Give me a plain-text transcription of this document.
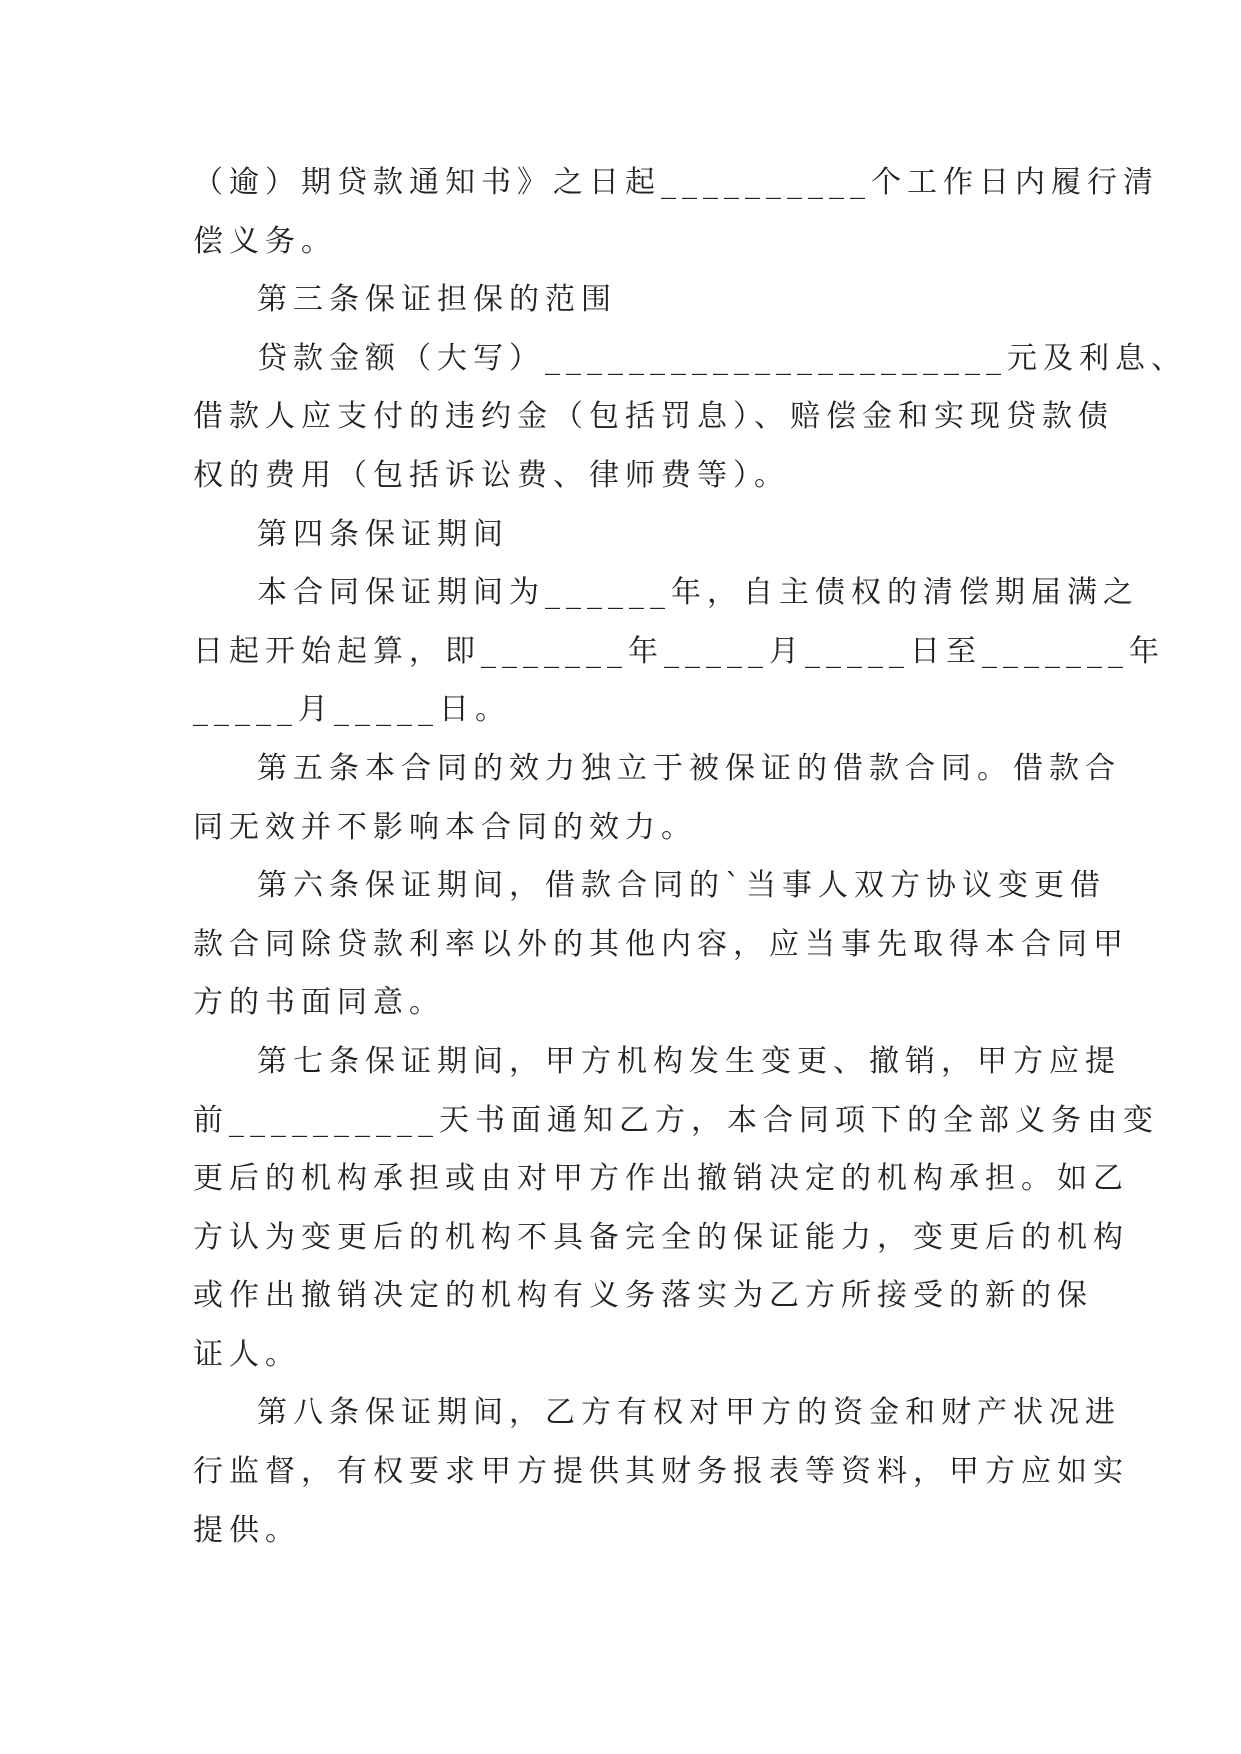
（逾）期贷款通知书》之日起__________个工作日内履行清
偿义务。
第三条保证担保的范围
贷款金额（大写）______________________元及利息、
借款人应支付的违约金（包括罚息）、赔偿金和实现贷款债
权的费用（包括诉讼费、律师费等）。
第四条保证期间
本合同保证期间为______年，自主债权的清偿期届满之
日起开始起算，即_______年_____月_____日至_______年
_____月_____日。
第五条本合同的效力独立于被保证的借款合同。借款合
同无效并不影响本合同的效力。
第六条保证期间，借款合同的`当事人双方协议变更借
款合同除贷款利率以外的其他内容，应当事先取得本合同甲
方的书面同意。
第七条保证期间，甲方机构发生变更、撤销，甲方应提
前__________天书面通知乙方，本合同项下的全部义务由变
更后的机构承担或由对甲方作出撤销决定的机构承担。如乙
方认为变更后的机构不具备完全的保证能力，变更后的机构
或作出撤销决定的机构有义务落实为乙方所接受的新的保
证人。
第八条保证期间，乙方有权对甲方的资金和财产状况进
行监督，有权要求甲方提供其财务报表等资料，甲方应如实
提供。
